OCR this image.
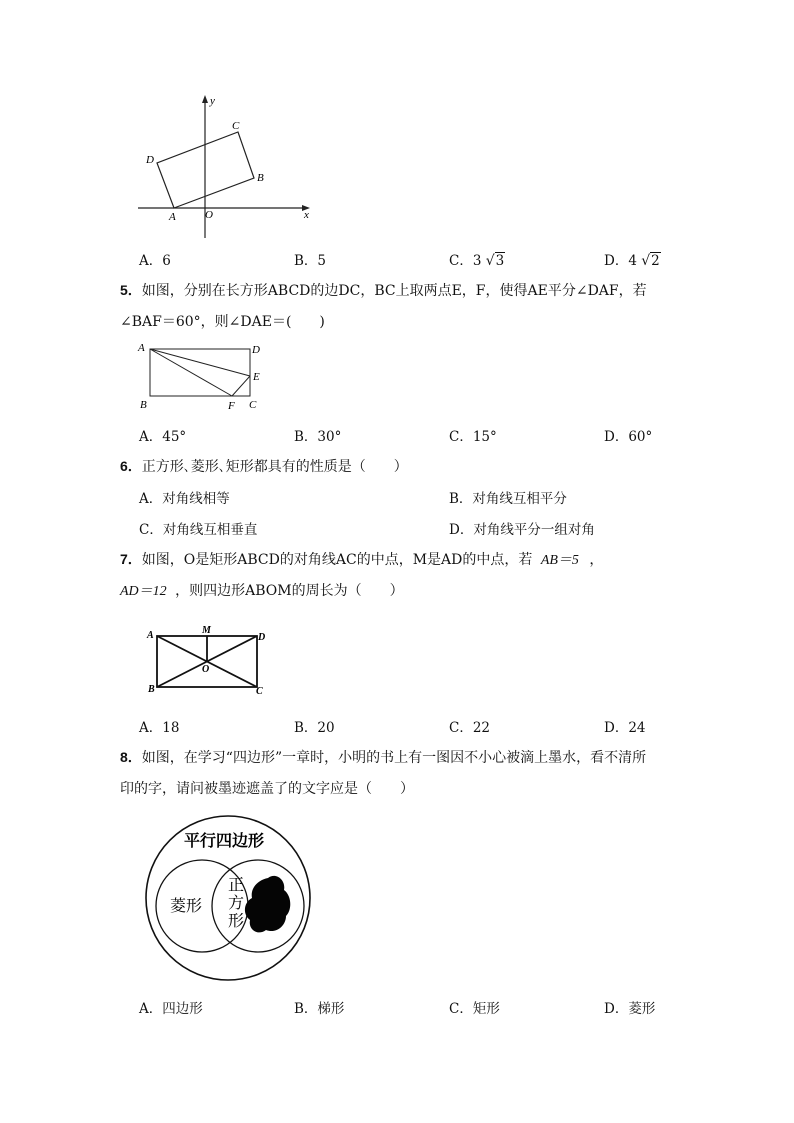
y
x
C
D
B
A	O
A．6	B．5	C．3 √3	D．4 √2
5．如图，分别在长方形ABCD的边DC，BC上取两点E，F，使得AE平分∠DAF，若
∠BAF＝60°，则∠DAE＝(　　)
A	D
E
B	F C
A．45°	B．30°	C．15°	D．60°
6．正方形､菱形､矩形都具有的性质是（　　）
A．对角线相等	B．对角线互相平分
C．对角线互相垂直	D．对角线平分一组对角
7．如图，O是矩形ABCD的对角线AC的中点，M是AD的中点，若 AB＝5 ，
AD＝12 ，则四边形ABOM的周长为（　　）
A	M
D
O
B	C
A．18	B．20	C．22	D．24
8．如图，在学习“四边形”一章时，小明的书上有一图因不小心被滴上墨水，看不清所
印的字，请问被墨迹遮盖了的文字应是（　　）
平行四边形
菱形
正
方
形
A．四边形	B．梯形	C．矩形	D．菱形
